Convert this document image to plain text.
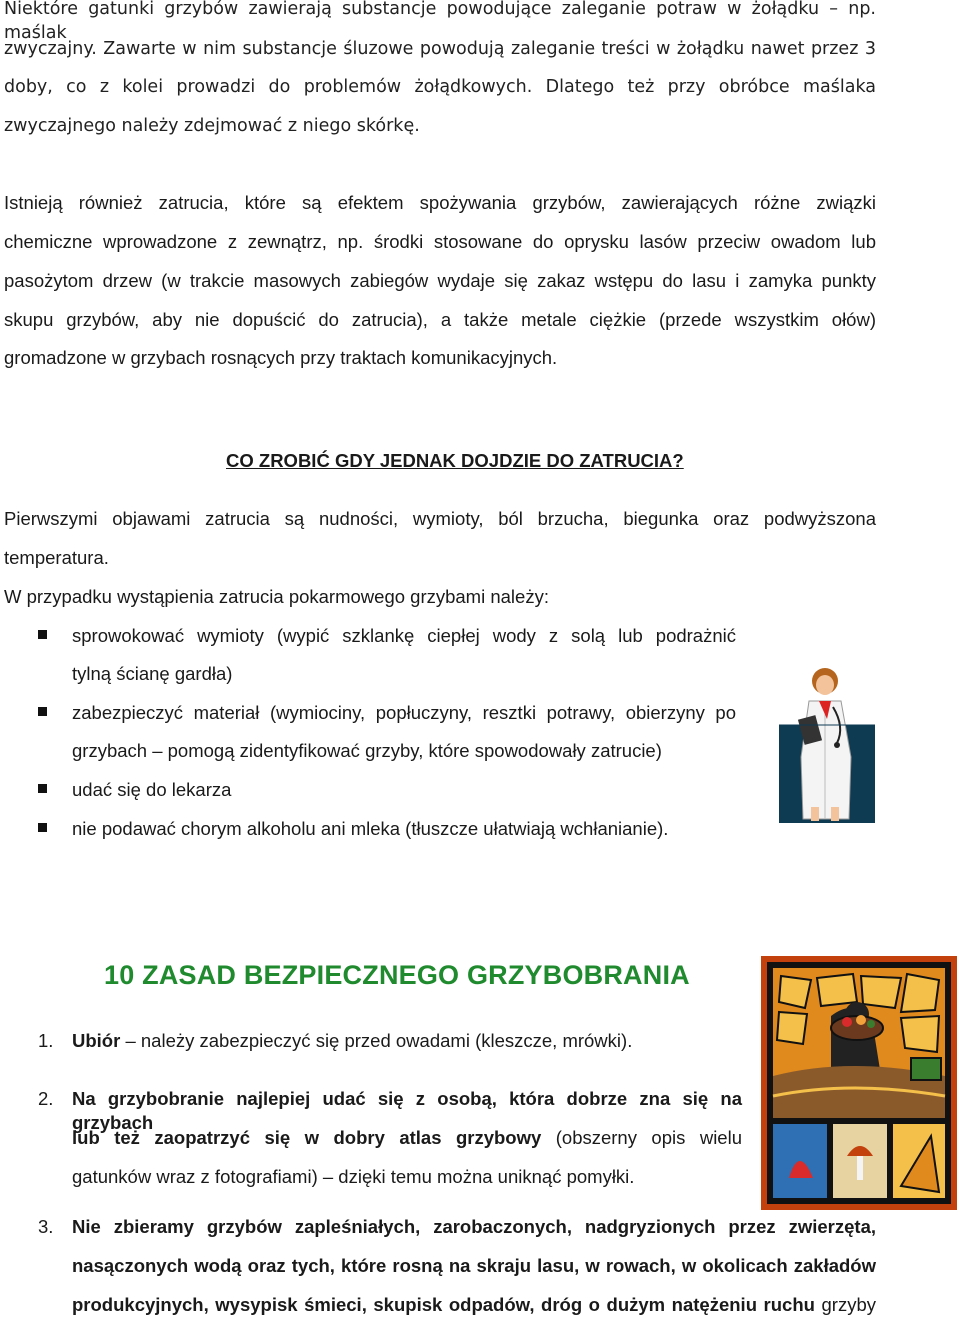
Niektóre gatunki grzybów zawierają substancje powodujące zaleganie potraw w żołądku – np. maślak
zwyczajny. Zawarte w nim substancje śluzowe powodują zaleganie treści w żołądku nawet przez 3
doby, co z kolei prowadzi do problemów żołądkowych. Dlatego też przy obróbce maślaka
zwyczajnego należy zdejmować z niego skórkę.
Istnieją również zatrucia, które są efektem spożywania grzybów, zawierających różne związki
chemiczne wprowadzone z zewnątrz, np. środki stosowane do oprysku lasów przeciw owadom lub
pasożytom drzew (w trakcie masowych zabiegów wydaje się zakaz wstępu do lasu i zamyka punkty
skupu grzybów, aby nie dopuścić do zatrucia), a także metale ciężkie (przede wszystkim ołów)
gromadzone w grzybach rosnących przy traktach komunikacyjnych.
CO ZROBIĆ GDY JEDNAK DOJDZIE DO ZATRUCIA?
Pierwszymi objawami zatrucia są nudności, wymioty, ból brzucha, biegunka oraz podwyższona
temperatura.
W przypadku wystąpienia zatrucia pokarmowego grzybami należy:
sprowokować wymioty (wypić szklankę ciepłej wody z solą lub podrażnić
tylną ścianę gardła)
zabezpieczyć materiał (wymiociny, popłuczyny, resztki potrawy, obierzyny po
grzybach – pomogą zidentyfikować grzyby, które spowodowały zatrucie)
udać się do lekarza
nie podawać chorym alkoholu ani mleka (tłuszcze ułatwiają wchłanianie).
10 ZASAD BEZPIECZNEGO GRZYBOBRANIA
1. Ubiór – należy zabezpieczyć się przed owadami (kleszcze, mrówki).
2. Na grzybobranie najlepiej udać się z osobą, która dobrze zna się na grzybach
lub też zaopatrzyć się w dobry atlas grzybowy (obszerny opis wielu
gatunków wraz z fotografiami) – dzięki temu można uniknąć pomyłki.
3. Nie zbieramy grzybów zapleśniałych, zarobaczonych, nadgryzionych przez zwierzęta,
nasączonych wodą oraz tych, które rosną na skraju lasu, w rowach, w okolicach zakładów
produkcyjnych, wysypisk śmieci, skupisk odpadów, dróg o dużym natężeniu ruchu grzyby
